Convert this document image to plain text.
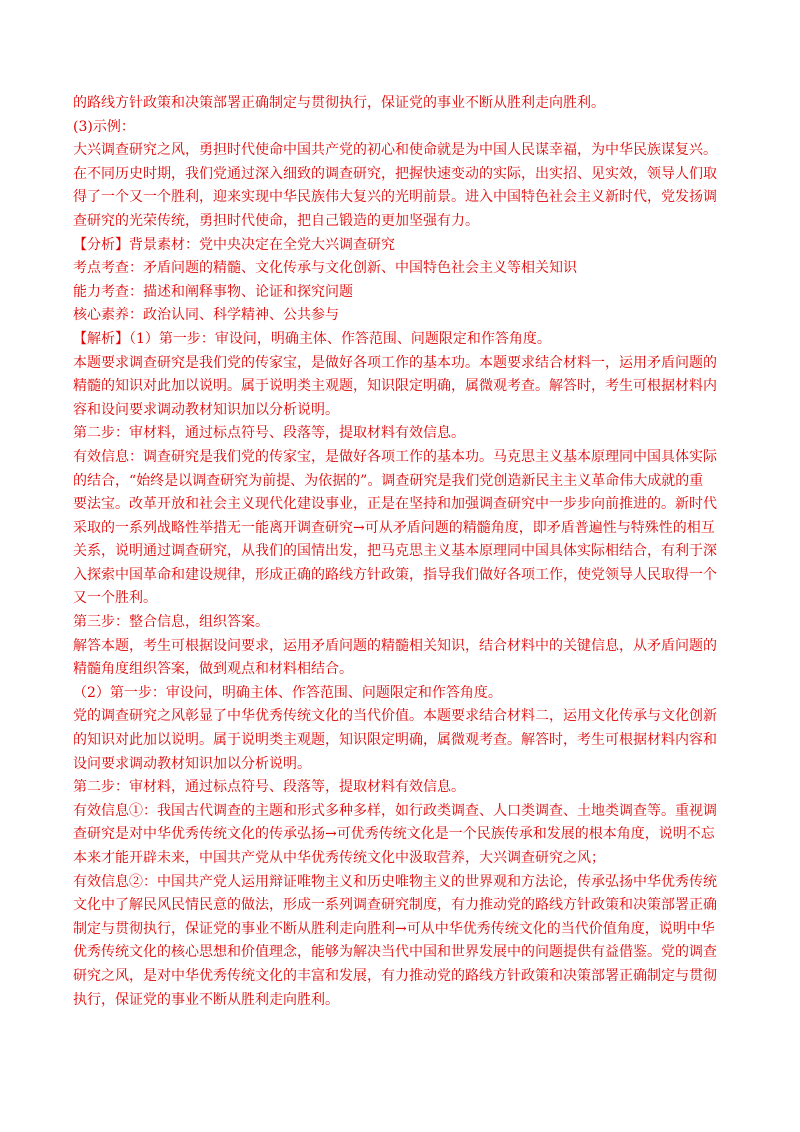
的路线方针政策和决策部署正确制定与贯彻执行，保证党的事业不断从胜利走向胜利。

(3)示例：

大兴调查研究之风，勇担时代使命中国共产党的初心和使命就是为中国人民谋幸福，为中华民族谋复兴。

在不同历史时期，我们党通过深入细致的调查研究，把握快速变动的实际，出实招、见实效，领导人们取

得了一个又一个胜利，迎来实现中华民族伟大复兴的光明前景。进入中国特色社会主义新时代，党发扬调

查研究的光荣传统，勇担时代使命，把自己锻造的更加坚强有力。

【分析】背景素材：党中央决定在全党大兴调查研究

考点考查：矛盾问题的精髓、文化传承与文化创新、中国特色社会主义等相关知识

能力考查：描述和阐释事物、论证和探究问题

核心素养：政治认同、科学精神、公共参与

【解析】（1）第一步：审设问，明确主体、作答范围、问题限定和作答角度。

本题要求调查研究是我们党的传家宝，是做好各项工作的基本功。本题要求结合材料一，运用矛盾问题的

精髓的知识对此加以说明。属于说明类主观题，知识限定明确，属微观考查。解答时，考生可根据材料内

容和设问要求调动教材知识加以分析说明。

第二步：审材料，通过标点符号、段落等，提取材料有效信息。

有效信息：调查研究是我们党的传家宝，是做好各项工作的基本功。马克思主义基本原理同中国具体实际

的结合，“始终是以调查研究为前提、为依据的”。调查研究是我们党创造新民主主义革命伟大成就的重

要法宝。改革开放和社会主义现代化建设事业，正是在坚持和加强调查研究中一步步向前推进的。新时代

采取的一系列战略性举措无一能离开调查研究→可从矛盾问题的精髓角度，即矛盾普遍性与特殊性的相互

关系，说明通过调查研究，从我们的国情出发，把马克思主义基本原理同中国具体实际相结合，有利于深

入探索中国革命和建设规律，形成正确的路线方针政策，指导我们做好各项工作，使党领导人民取得一个

又一个胜利。

第三步：整合信息，组织答案。

解答本题，考生可根据设问要求，运用矛盾问题的精髓相关知识，结合材料中的关键信息，从矛盾问题的

精髓角度组织答案，做到观点和材料相结合。

（2）第一步：审设问，明确主体、作答范围、问题限定和作答角度。

党的调查研究之风彰显了中华优秀传统文化的当代价值。本题要求结合材料二，运用文化传承与文化创新

的知识对此加以说明。属于说明类主观题，知识限定明确，属微观考查。解答时，考生可根据材料内容和

设问要求调动教材知识加以分析说明。

第二步：审材料，通过标点符号、段落等，提取材料有效信息。

有效信息①：我国古代调查的主题和形式多种多样，如行政类调查、人口类调查、土地类调查等。重视调

查研究是对中华优秀传统文化的传承弘扬→可优秀传统文化是一个民族传承和发展的根本角度，说明不忘

本来才能开辟未来，中国共产党从中华优秀传统文化中汲取营养，大兴调查研究之风；

有效信息②：中国共产党人运用辩证唯物主义和历史唯物主义的世界观和方法论，传承弘扬中华优秀传统

文化中了解民风民情民意的做法，形成一系列调查研究制度，有力推动党的路线方针政策和决策部署正确

制定与贯彻执行，保证党的事业不断从胜利走向胜利→可从中华优秀传统文化的当代价值角度，说明中华

优秀传统文化的核心思想和价值理念，能够为解决当代中国和世界发展中的问题提供有益借鉴。党的调查

研究之风，是对中华优秀传统文化的丰富和发展，有力推动党的路线方针政策和决策部署正确制定与贯彻

执行，保证党的事业不断从胜利走向胜利。
